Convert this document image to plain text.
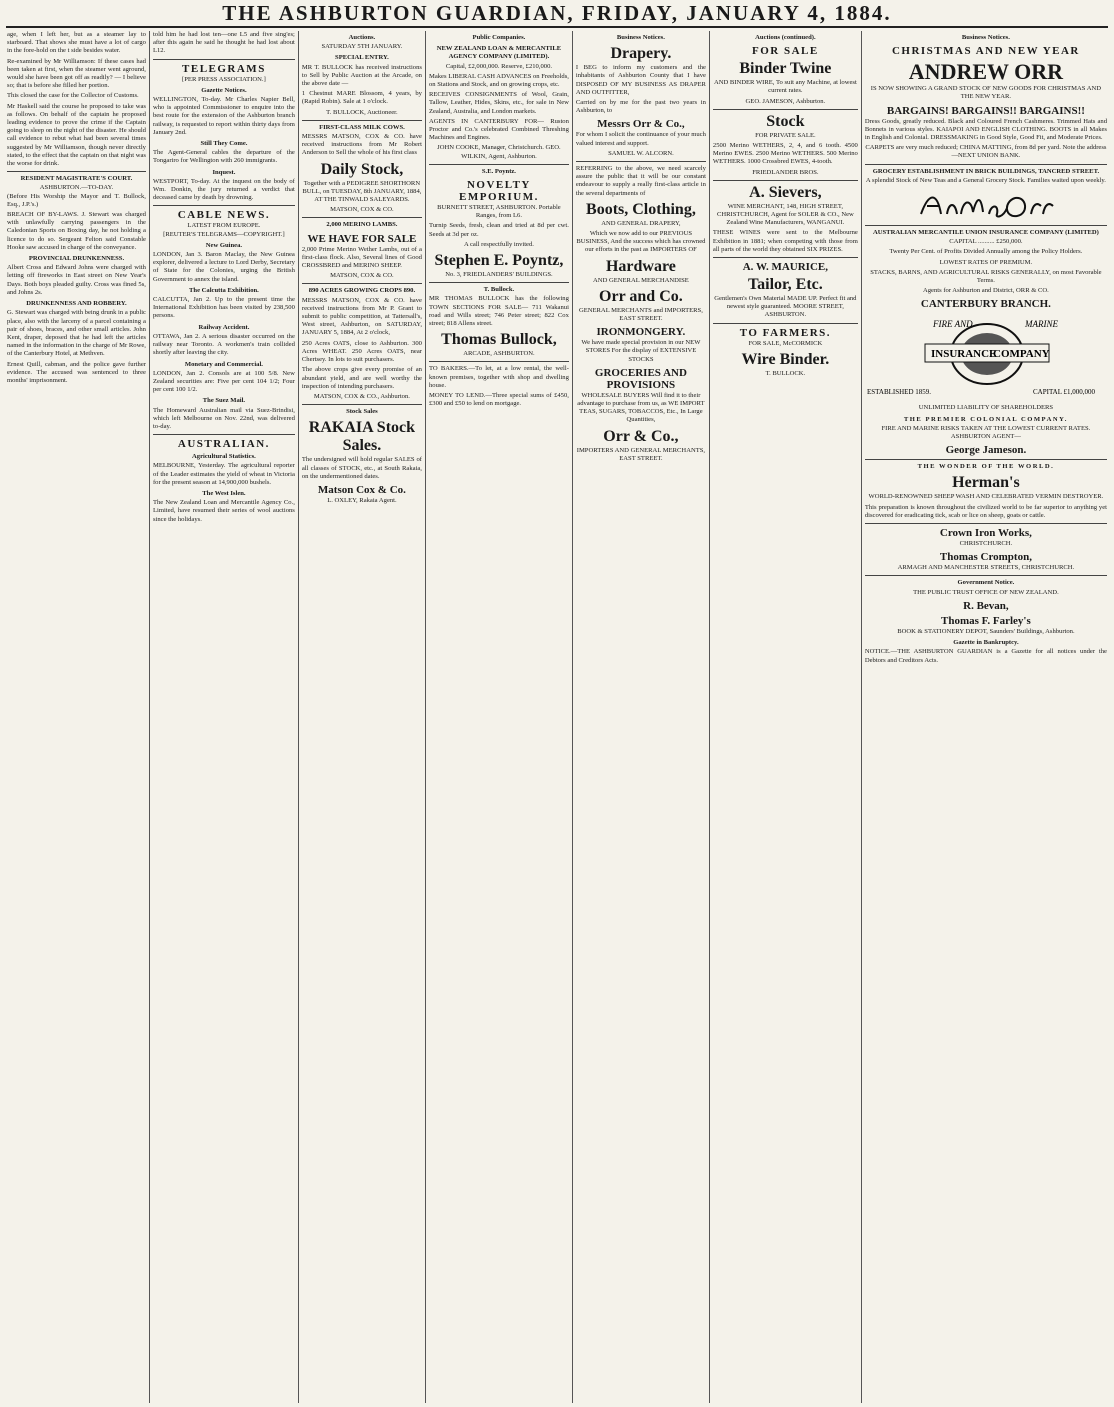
THE ASHBURTON GUARDIAN, FRIDAY, JANUARY 4, 1884.

age, when I left her, but as a steamer lay to starboard. That shows she must have a lot of cargo in the fore-hold on the t side besides water.

Re-examined by Mr Williamson: If these cases had been taken at first, when the steamer went aground, would she have been got off as readily? — I believe so; that is before she filled her portion.

This closed the case for the Collector of Customs.

Mr Haskell said the course he proposed to take was as follows. On behalf of the captain he proposed leading evidence to prove the crime if the Captain going to sleep on the night of the disaster. He should call evidence to rebut what had been several times suggested by Mr Williamson, though never directly stated, to the effect that the captain on that night was the worse for drink.

RESIDENT MAGISTRATE'S COURT.
ASHBURTON.—TO-DAY.

(Before His Worship the Mayor and T. Bullock, Esq., J.P.'s.)

BREACH OF BY-LAWS. J. Stewart was charged with unlawfully carrying passengers in the Caledonian Sports on Boxing day, he not holding a licence to do so. Sergeant Felton said Constable Hooke saw accused in charge of the conveyance.

PROVINCIAL DRUNKENNESS.

Albert Cross and Edward Johns were charged with letting off fireworks in East street on New Year's Days. Both boys pleaded guilty. Cross was fined 5s, and Johns 2s.

DRUNKENNESS AND ROBBERY.

G. Stewart was charged with being drunk in a public place, also with the larceny of a parcel containing a pair of shoes, braces, and other small articles. John Kent, draper, deposed that he had left the articles named in the information in the charge of Mr Rowe, of the Canterbury Hotel, at Methven.

Ernest Quill, cabman, and the police gave further evidence. The accused was sentenced to three months' imprisonment.

told him he had lost ten—one L5 and five sing'es; after this again he said he thought he had lost about L12.

TELEGRAMS
[PER PRESS ASSOCIATION.]
Gazette Notices.

WELLINGTON, To-day. Mr Charles Napier Bell, who is appointed Commissioner to enquire into the best route for the extension of the Ashburton branch railway, is requested to report within thirty days from January 2nd.

Still They Come.

The Agent-General cables the departure of the Tongariro for Wellington with 260 immigrants.

Inquest.

WESTPORT, To-day. At the inquest on the body of Wm. Donkin, the jury returned a verdict that deceased came by death by drowning.

CABLE NEWS.
LATEST FROM EUROPE.
[REUTER'S TELEGRAMS—COPYRIGHT.]
New Guinea.

LONDON, Jan 3. Baron Maclay, the New Guinea explorer, delivered a lecture to Lord Derby, Secretary of State for the Colonies, urging the British Government to annex the island.

The Calcutta Exhibition.

CALCUTTA, Jan 2. Up to the present time the International Exhibition has been visited by 238,500 persons.

Railway Accident.

OTTAWA, Jan 2. A serious disaster occurred on the railway near Toronto. A workmen's train collided shortly after leaving the city.

Monetary and Commercial.

LONDON, Jan 2. Consols are at 100 5/8. New Zealand securities are: Five per cent 104 1/2; Four per cent 100 1/2.

The Suez Mail.

The Homeward Australian mail via Suez-Brindisi, which left Melbourne on Nov. 22nd, was delivered to-day.

AUSTRALIAN.
Agricultural Statistics.

MELBOURNE, Yesterday. The agricultural reporter of the Leader estimates the yield of wheat in Victoria for the present season at 14,900,000 bushels.

The West Islen.

The New Zealand Loan and Mercantile Agency Co., Limited, have resumed their series of wool auctions since the holidays.

Auctions.

SATURDAY 5TH JANUARY.

SPECIAL ENTRY.

MR T. BULLOCK has received instructions to Sell by Public Auction at the Arcade, on the above date —

1 Chestnut MARE Blossom, 4 years, by (Rapid Robin). Sale at 1 o'clock.

T. BULLOCK, Auctioneer.

FIRST-CLASS MILK COWS.

MESSRS MATSON, COX & CO. have received instructions from Mr Robert Anderson to Sell the whole of his first class

Daily Stock,

Together with a PEDIGREE SHORTHORN BULL, on TUESDAY, 8th JANUARY, 1884, AT THE TINWALD SALEYARDS.

MATSON, COX & CO.

2,000 MERINO LAMBS.
WE HAVE FOR SALE

2,000 Prime Merino Wether Lambs, out of a first-class flock. Also, Several lines of Good CROSSBRED and MERINO SHEEP.

MATSON, COX & CO.

890 ACRES GROWING CROPS 890.

MESSRS MATSON, COX & CO. have received instructions from Mr P. Grant to submit to public competition, at Tattersall's, West street, Ashburton, on SATURDAY, JANUARY 5, 1884, At 2 o'clock,

250 Acres OATS, close to Ashburton. 300 Acres WHEAT. 250 Acres OATS, near Chertsey. In lots to suit purchasers.

The above crops give every promise of an abundant yield, and are well worthy the inspection of intending purchasers.

MATSON, COX & CO., Ashburton.

Stock Sales
RAKAIA Stock Sales.

The undersigned will hold regular SALES of all classes of STOCK, etc., at South Rakaia, on the undermentioned dates.

Matson Cox & Co.

L. OXLEY, Rakaia Agent.

Public Companies.
NEW ZEALAND LOAN & MERCANTILE AGENCY COMPANY (LIMITED).

Capital, £2,000,000. Reserve, £210,000.

Makes LIBERAL CASH ADVANCES on Freeholds, on Stations and Stock, and on growing crops, etc.

RECEIVES CONSIGNMENTS of Wool, Grain, Tallow, Leather, Hides, Skins, etc., for sale in New Zealand, Australia, and London markets.

AGENTS IN CANTERBURY FOR— Ruston Proctor and Co.'s celebrated Combined Threshing Machines and Engines.

JOHN COOKE, Manager, Christchurch. GEO. WILKIN, Agent, Ashburton.

S.E. Poyntz.
NOVELTY EMPORIUM.

BURNETT STREET, ASHBURTON. Portable Ranges, from L6.

Turnip Seeds, fresh, clean and tried at 8d per cwt. Seeds at 3d per oz.

A call respectfully invited.

Stephen E. Poyntz,

No. 3, FRIEDLANDERS' BUILDINGS.

T. Bullock.

MR THOMAS BULLOCK has the following TOWN SECTIONS FOR SALE— 711 Wakanui road and Wills street; 746 Peter street; 822 Cox street; 818 Allens street.

Thomas Bullock,

ARCADE, ASHBURTON.

TO BAKERS.—To let, at a low rental, the well-known premises, together with shop and dwelling house.

MONEY TO LEND.—Three special sums of £450, £300 and £50 to lend on mortgage.

Business Notices.
Drapery.

I BEG to inform my customers and the inhabitants of Ashburton County that I have DISPOSED OF MY BUSINESS AS DRAPER AND OUTFITTER,

Carried on by me for the past two years in Ashburton, to

Messrs Orr & Co.,

For whom I solicit the continuance of your much valued interest and support.

SAMUEL W. ALCORN.

REFERRING to the above, we need scarcely assure the public that it will be our constant endeavour to supply a really first-class article in the several departments of

Boots, Clothing,

AND GENERAL DRAPERY,

Which we now add to our PREVIOUS BUSINESS, And the success which has crowned our efforts in the past as IMPORTERS OF

Hardware

AND GENERAL MERCHANDISE

Orr and Co.

GENERAL MERCHANTS and IMPORTERS, EAST STREET.

IRONMONGERY.

We have made special provision in our NEW STORES For the display of EXTENSIVE STOCKS

GROCERIES AND PROVISIONS

WHOLESALE BUYERS Will find it to their advantage to purchase from us, as WE IMPORT TEAS, SUGARS, TOBACCOS, Etc., In Large Quantities,

Orr & Co.,

IMPORTERS AND GENERAL MERCHANTS, EAST STREET.

Auctions (continued).
FOR SALE
Binder Twine

AND BINDER WIRE, To suit any Machine, at lowest current rates.

GEO. JAMESON, Ashburton.

Stock

FOR PRIVATE SALE.

2500 Merino WETHERS, 2, 4, and 6 tooth. 4500 Merino EWES. 2500 Merino WETHERS. 500 Merino WETHERS. 1000 Crossbred EWES, 4-tooth.

FRIEDLANDER BROS.

A. Sievers,

WINE MERCHANT, 148, HIGH STREET, CHRISTCHURCH, Agent for SOLER & CO., New Zealand Wine Manufacturers, WANGANUI.

THESE WINES were sent to the Melbourne Exhibition in 1881; when competing with those from all parts of the world they obtained SIX PRIZES.

A. W. MAURICE,
Tailor, Etc.

Gentlemen's Own Material MADE UP. Perfect fit and newest style guaranteed. MOORE STREET, ASHBURTON.

TO FARMERS.

FOR SALE, McCORMICK

Wire Binder.

T. BULLOCK.

Business Notices.
CHRISTMAS AND NEW YEAR
ANDREW ORR

IS NOW SHOWING A GRAND STOCK OF NEW GOODS FOR CHRISTMAS AND THE NEW YEAR.

BARGAINS! BARGAINS!! BARGAINS!!

Dress Goods, greatly reduced. Black and Coloured French Cashmeres. Trimmed Hats and Bonnets in various styles. KAIAPOI AND ENGLISH CLOTHING. BOOTS in all Makes in English and Colonial. DRESSMAKING in Good Style, Good Fit, and Moderate Prices.

CARPETS are very much reduced; CHINA MATTING, from 8d per yard. Note the address—NEXT UNION BANK.

GROCERY ESTABLISHMENT IN BRICK BUILDINGS, TANCRED STREET.

A splendid Stock of New Teas and a General Grocery Stock. Families waited upon weekly.

AUSTRALIAN MERCANTILE UNION INSURANCE COMPANY (LIMITED)

CAPITAL .......... £250,000.

Twenty Per Cent. of Profits Divided Annually among the Policy Holders.

LOWEST RATES OF PREMIUM.

STACKS, BARNS, AND AGRICULTURAL RISKS GENERALLY, on most Favorable Terms.

Agents for Ashburton and District, ORR & CO.

CANTERBURY BRANCH.
FIRE AND	MARINE
INSURANCE
COMPANY
ESTABLISHED 1859.	CAPITAL £1,000,000

UNLIMITED LIABILITY OF SHAREHOLDERS

THE PREMIER COLONIAL COMPANY.

FIRE AND MARINE RISKS TAKEN AT THE LOWEST CURRENT RATES. ASHBURTON AGENT—

George Jameson.
THE WONDER OF THE WORLD.
Herman's

WORLD-RENOWNED SHEEP WASH AND CELEBRATED VERMIN DESTROYER.

This preparation is known throughout the civilized world to be far superior to anything yet discovered for eradicating tick, scab or lice on sheep, goats or cattle.

Crown Iron Works,

CHRISTCHURCH.

Thomas Crompton,

ARMAGH AND MANCHESTER STREETS, CHRISTCHURCH.

Government Notice.

THE PUBLIC TRUST OFFICE OF NEW ZEALAND.

R. Bevan,
Thomas F. Farley's

BOOK & STATIONERY DEPOT, Saunders' Buildings, Ashburton.

Gazette in Bankruptcy.

NOTICE.—THE ASHBURTON GUARDIAN is a Gazette for all notices under the Debtors and Creditors Acts.
